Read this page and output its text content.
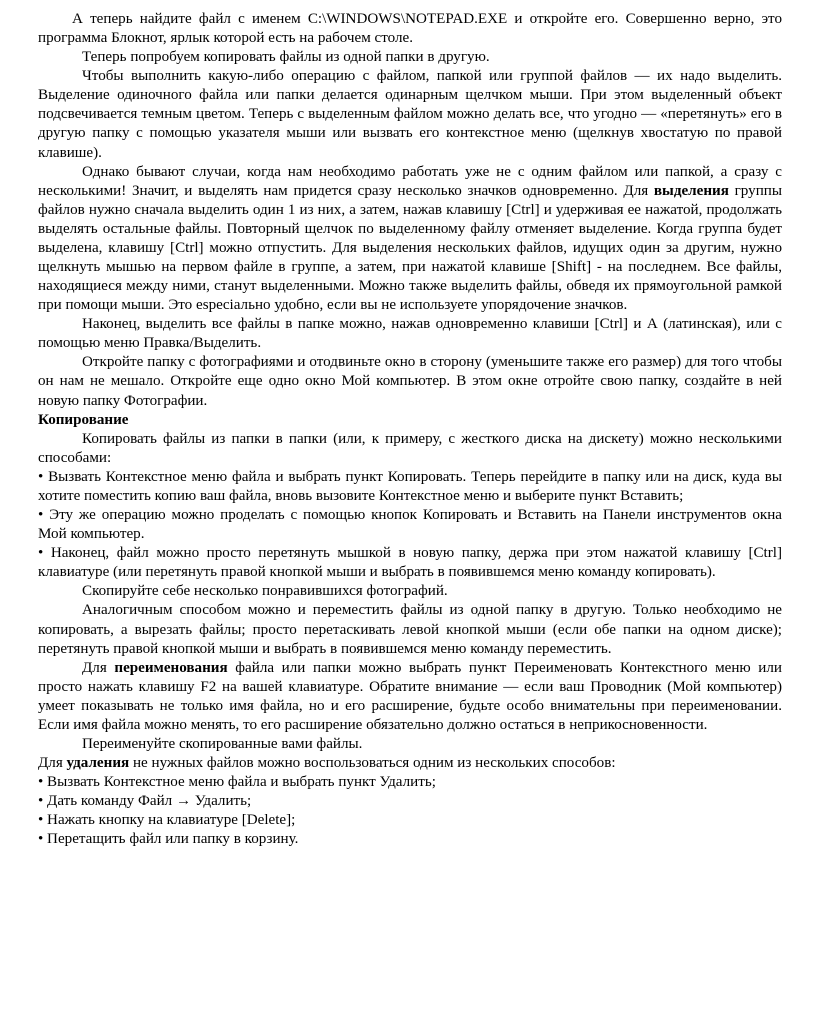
А теперь найдите файл с именем C:\WINDOWS\NOTEPAD.EXE и откройте его. Совершенно верно, это программа Блокнот, ярлык которой есть на рабочем столе.

Теперь попробуем копировать файлы из одной папки в другую.

Чтобы выполнить какую-либо операцию с файлом, папкой или группой файлов — их надо выделить. Выделение одиночного файла или папки делается одинарным щелчком мыши. При этом выделенный объект подсвечивается темным цветом. Теперь с выделенным файлом можно делать все, что угодно — «перетянуть» его в другую папку с помощью указателя мыши или вызвать его контекстное меню (щелкнув хвостатую по правой клавише).

Однако бывают случаи, когда нам необходимо работать уже не с одним файлом или папкой, а сразу с несколькими! Значит, и выделять нам придется сразу несколько значков одновременно. Для выделения группы файлов нужно сначала выделить один 1 из них, а затем, нажав клавишу [Ctrl] и удерживая ее нажатой, продолжать выделять остальные файлы. Повторный щелчок по выделенному файлу отменяет выделение. Когда группа будет выделена, клавишу [Ctrl] можно отпустить. Для выделения нескольких файлов, идущих один за другим, нужно щелкнуть мышью на первом файле в группе, а затем, при нажатой клавише [Shift] - на последнем. Все файлы, находящиеся между ними, станут выделенными. Можно также выделить файлы, обведя их прямоугольной рамкой при помощи мыши. Это especiально удобно, если вы не используете упорядочение значков.

Наконец, выделить все файлы в папке можно, нажав одновременно клавиши [Ctrl] и А (латинская), или с помощью меню Правка/Выделить.

Откройте папку с фотографиями и отодвиньте окно в сторону (уменьшите также его размер) для того чтобы он нам не мешало. Откройте еще одно окно Мой компьютер. В этом окне отройте свою папку, создайте в ней новую папку Фотографии.

Копирование

Копировать файлы из папки в папки (или, к примеру, с жесткого диска на дискету) можно несколькими способами:

• Вызвать Контекстное меню файла и выбрать пункт Копировать. Теперь перейдите в папку или на диск, куда вы хотите поместить копию ваш файла, вновь вызовите Контекстное меню и выберите пункт Вставить;

• Эту же операцию можно проделать с помощью кнопок Копировать и Вставить на Панели инструментов окна Мой компьютер.

• Наконец, файл можно просто перетянуть мышкой в новую папку, держа при этом нажатой клавишу [Ctrl] клавиатуре (или перетянуть правой кнопкой мыши и выбрать в появившемся меню команду копировать).

Скопируйте себе несколько понравившихся фотографий.

Аналогичным способом можно и переместить файлы из одной папку в другую. Только необходимо не копировать, а вырезать файлы; просто перетаскивать левой кнопкой мыши (если обе папки на одном диске); перетянуть правой кнопкой мыши и выбрать в появившемся меню команду переместить.

Для переименования файла или папки можно выбрать пункт Переименовать Контекстного меню или просто нажать клавишу F2 на вашей клавиатуре. Обратите внимание — если ваш Проводник (Мой компьютер) умеет показывать не только имя файла, но и его расширение, будьте особо внимательны при переименовании. Если имя файла можно менять, то его расширение обязательно должно остаться в неприкосновенности.

Переименуйте скопированные вами файлы.

Для удаления не нужных файлов можно воспользоваться одним из нескольких способов:

• Вызвать Контекстное меню файла и выбрать пункт Удалить;

• Дать команду Файл → Удалить;

• Нажать кнопку на клавиатуре [Delete];

• Перетащить файл или папку в корзину.
